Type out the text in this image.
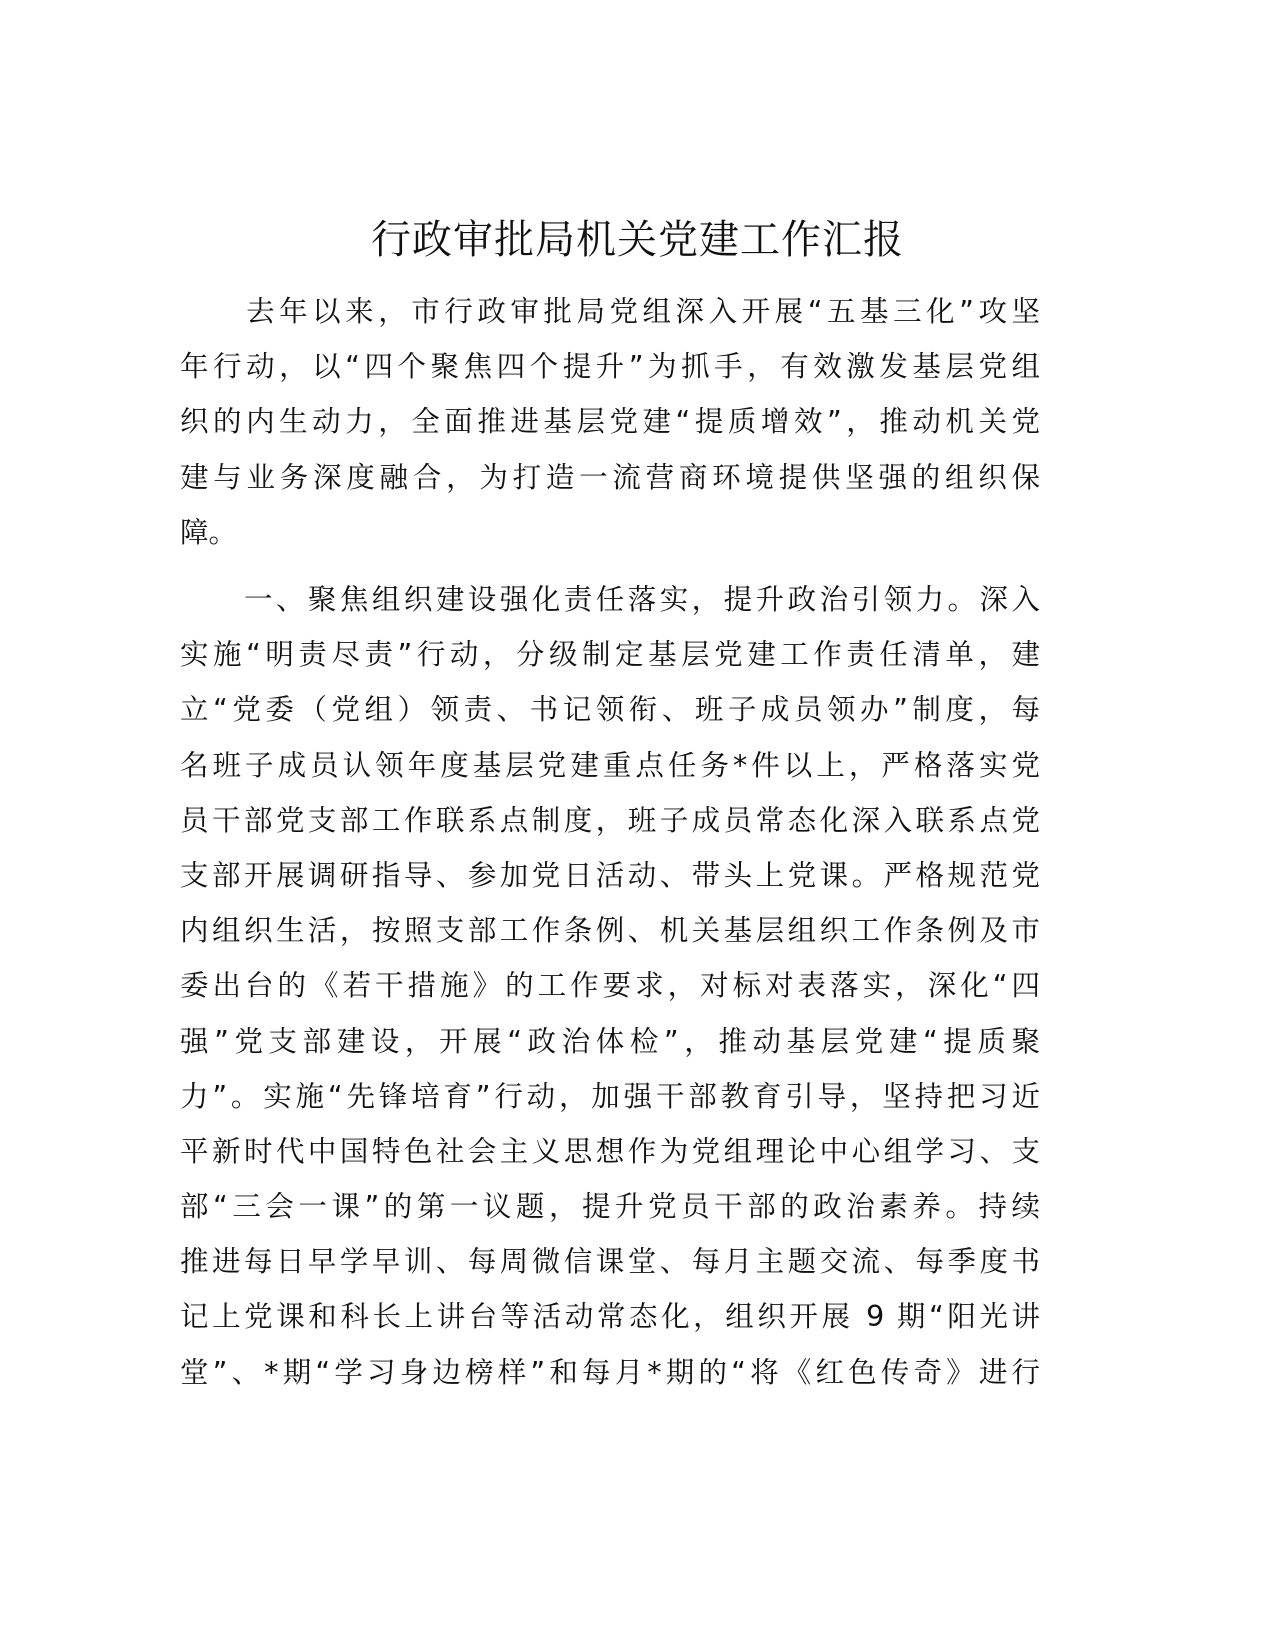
行政审批局机关党建工作汇报
　　去年以来，市行政审批局党组深入开展“五基三化”攻坚
年行动，以“四个聚焦四个提升”为抓手，有效激发基层党组
织的内生动力，全面推进基层党建“提质增效”，推动机关党
建与业务深度融合，为打造一流营商环境提供坚强的组织保
障。
　　一、聚焦组织建设强化责任落实，提升政治引领力。深入
实施“明责尽责”行动，分级制定基层党建工作责任清单，建
立“党委（党组）领责、书记领衔、班子成员领办”制度，每
名班子成员认领年度基层党建重点任务*件以上，严格落实党
员干部党支部工作联系点制度，班子成员常态化深入联系点党
支部开展调研指导、参加党日活动、带头上党课。严格规范党
内组织生活，按照支部工作条例、机关基层组织工作条例及市
委出台的《若干措施》的工作要求，对标对表落实，深化“四
强”党支部建设，开展“政治体检”，推动基层党建“提质聚
力”。实施“先锋培育”行动，加强干部教育引导，坚持把习近
平新时代中国特色社会主义思想作为党组理论中心组学习、支
部“三会一课”的第一议题，提升党员干部的政治素养。持续
推进每日早学早训、每周微信课堂、每月主题交流、每季度书
记上党课和科长上讲台等活动常态化，组织开展 9 期“阳光讲
堂”、*期“学习身边榜样”和每月*期的“将《红色传奇》进行
